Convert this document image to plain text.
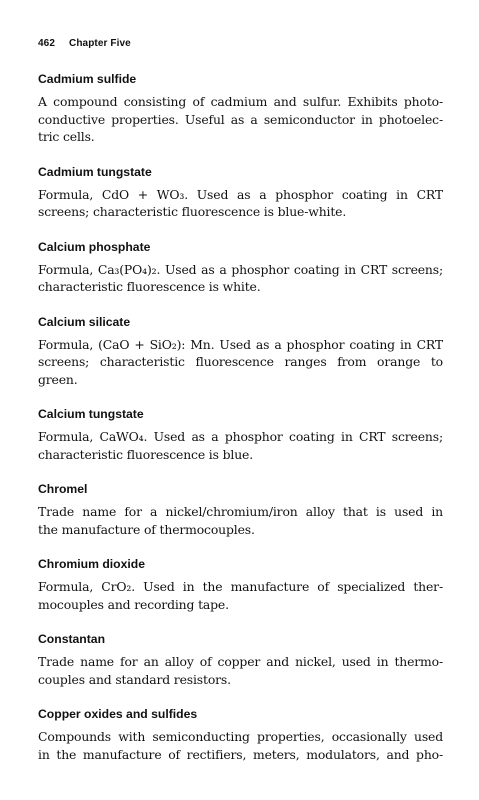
462 Chapter Five
Cadmium sulfide

A compound consisting of cadmium and sulfur. Exhibits photo-
conductive properties. Useful as a semiconductor in photoelec-
tric cells.

Cadmium tungstate

Formula, CdO + WO₃. Used as a phosphor coating in CRT
screens; characteristic fluorescence is blue-white.

Calcium phosphate

Formula, Ca₃(PO₄)₂. Used as a phosphor coating in CRT screens;
characteristic fluorescence is white.

Calcium silicate

Formula, (CaO + SiO₂): Mn. Used as a phosphor coating in CRT
screens; characteristic fluorescence ranges from orange to
green.

Calcium tungstate

Formula, CaWO₄. Used as a phosphor coating in CRT screens;
characteristic fluorescence is blue.

Chromel

Trade name for a nickel/chromium/iron alloy that is used in
the manufacture of thermocouples.

Chromium dioxide

Formula, CrO₂. Used in the manufacture of specialized ther-
mocouples and recording tape.

Constantan

Trade name for an alloy of copper and nickel, used in thermo-
couples and standard resistors.

Copper oxides and sulfides

Compounds with semiconducting properties, occasionally used
in the manufacture of rectifiers, meters, modulators, and pho-
